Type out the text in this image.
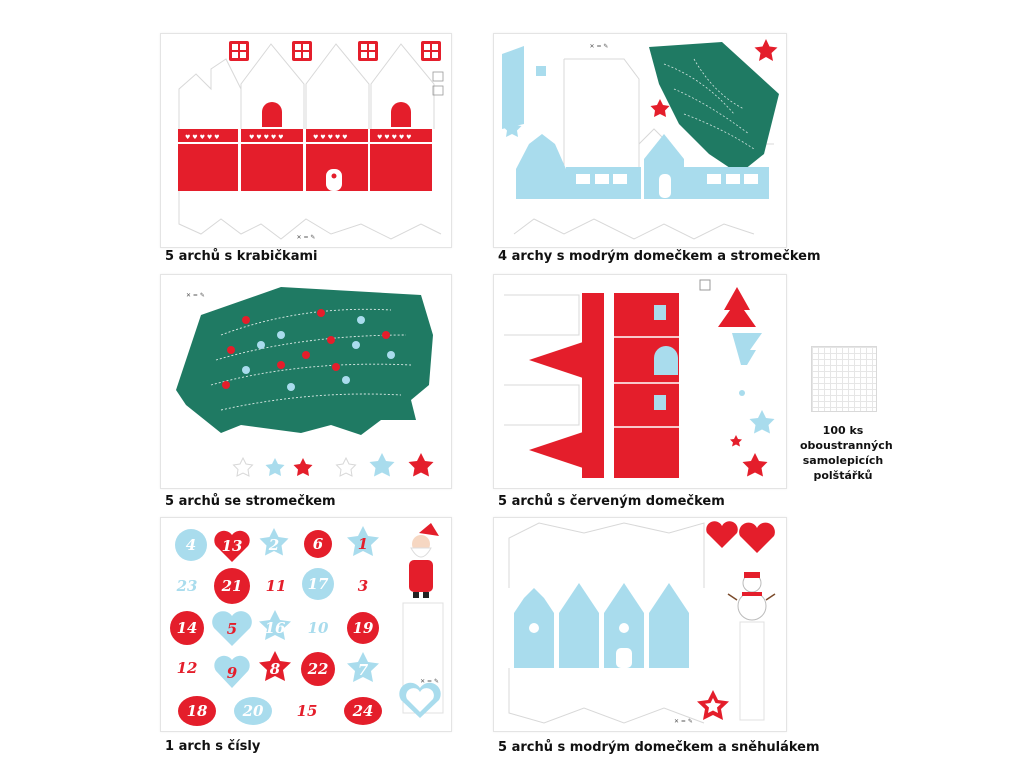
♥ ♥ ♥ ♥ ♥	♥ ♥ ♥ ♥ ♥	♥ ♥ ♥ ♥ ♥	♥ ♥ ♥ ♥ ♥
✕ = ✎
5 archů s krabičkami
✕ = ✎
4 archy s modrým domečkem a stromečkem
✕ = ✎
5 archů se stromečkem	5 archů s červeným domečkem
100 ks
oboustranných
samolepicích
polštářků
4 13 2 6 1
23 21 11 17 3
14 5 16 10 19
12 9 8 22 7
18 20 15 24
✕ = ✎
1 arch s čísly
✕ = ✎
5 archů s modrým domečkem a sněhulákem
